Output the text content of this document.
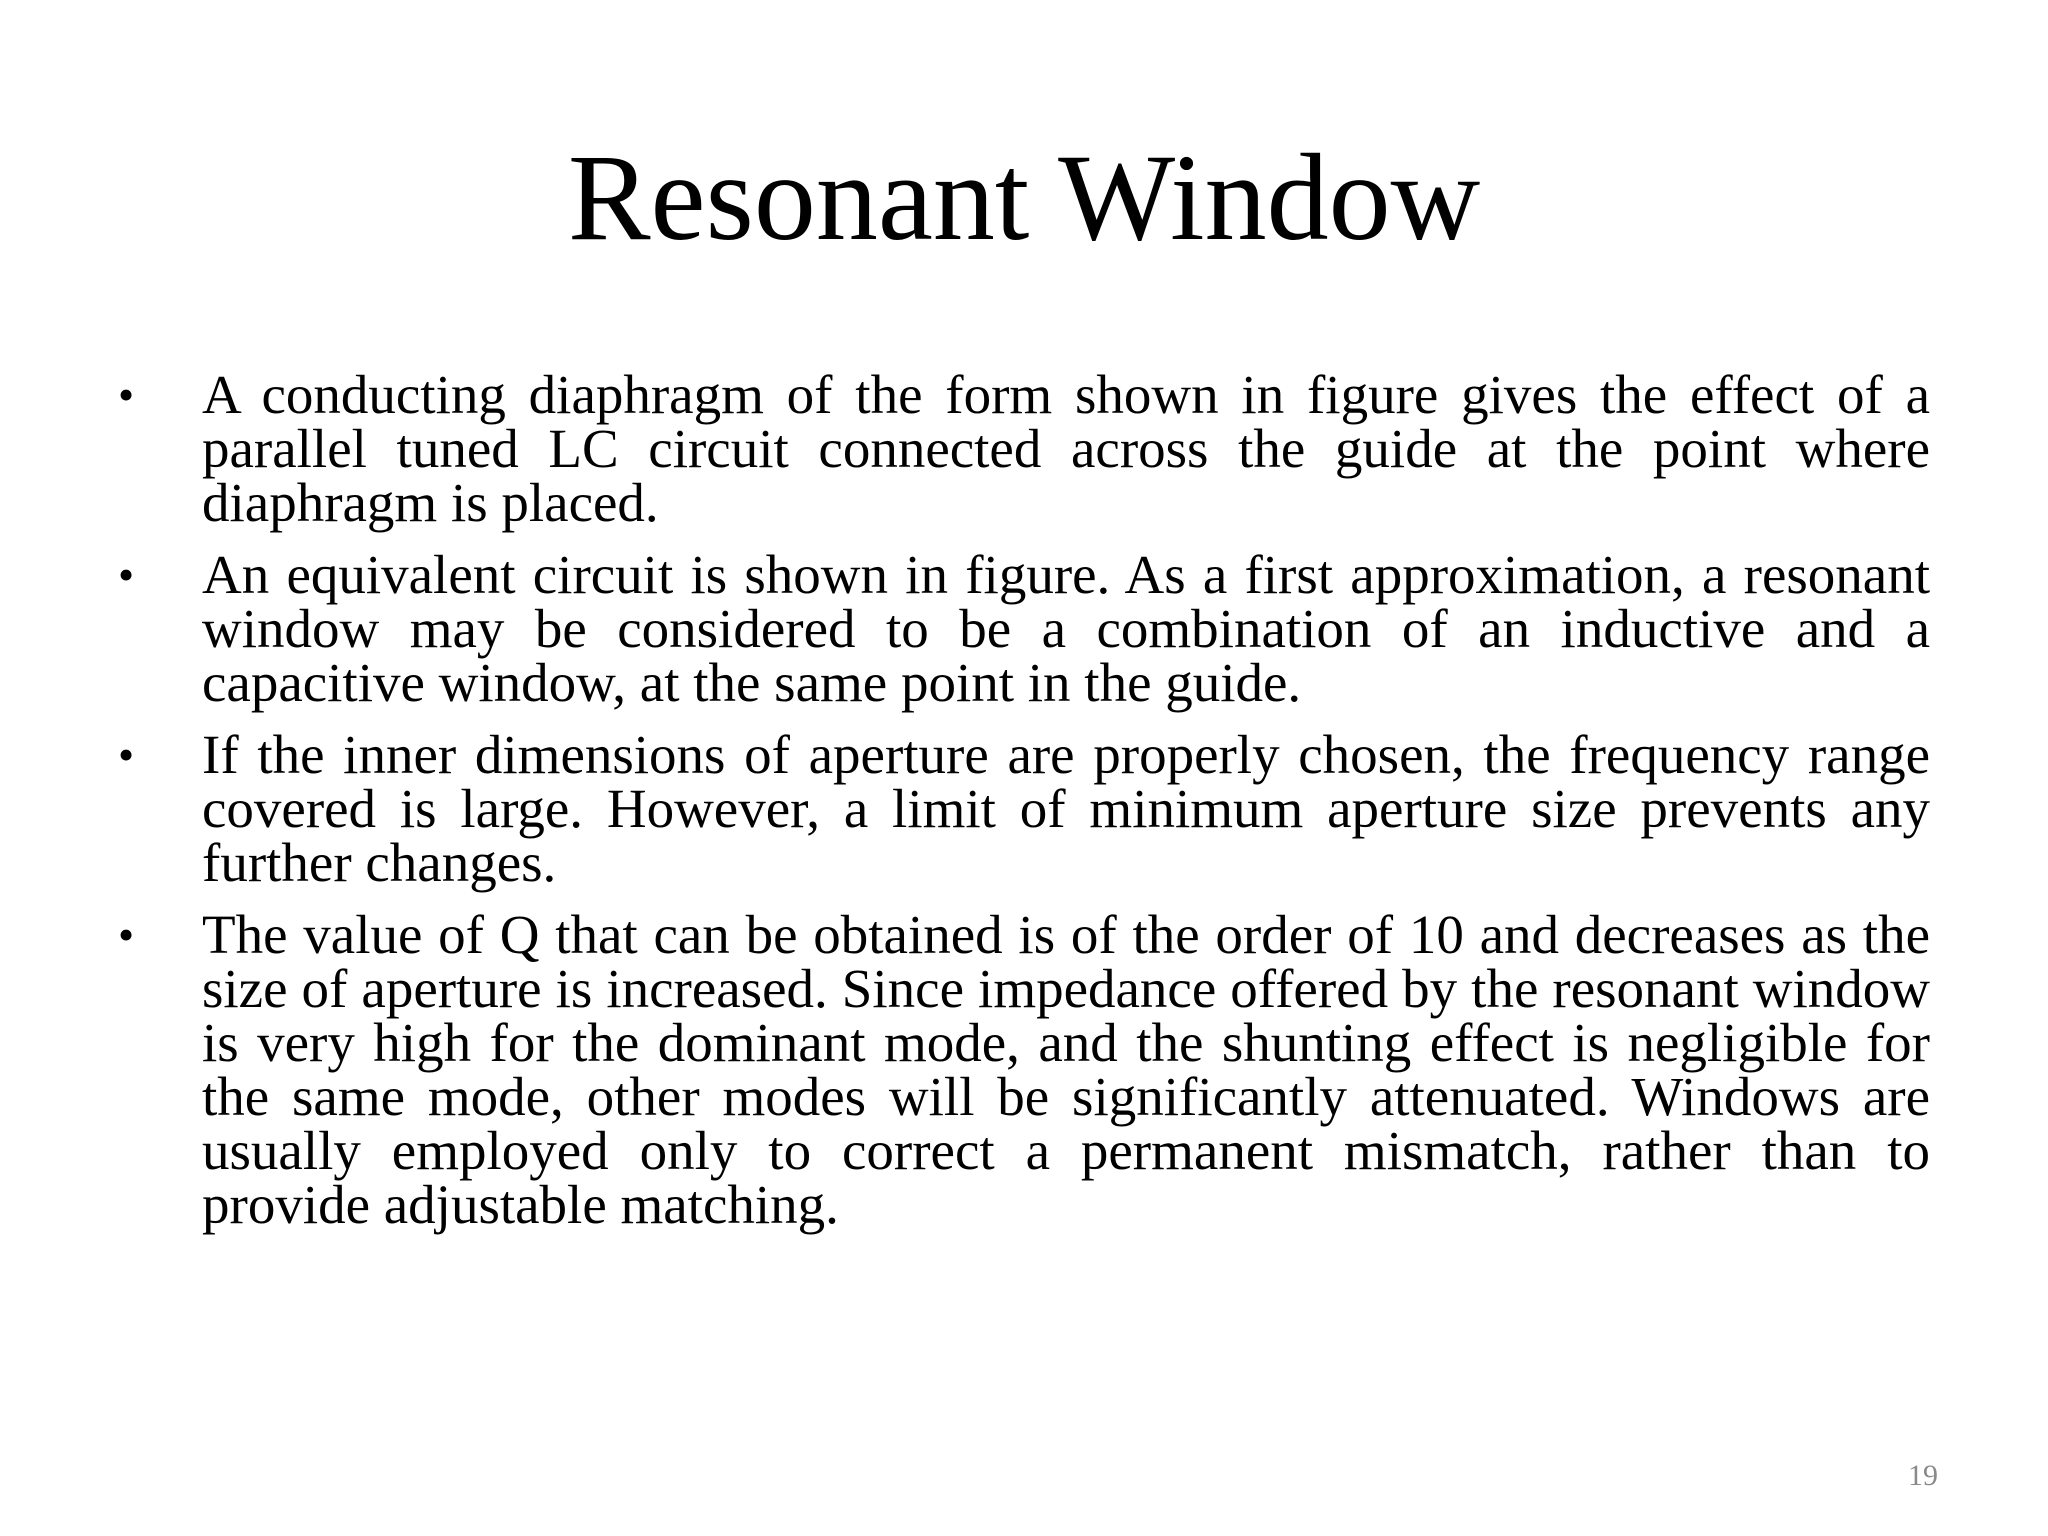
Resonant Window
•	A conducting diaphragm of the form shown in figure gives the effect of a parallel tuned LC circuit connected across the guide at the point where diaphragm is placed.
•	An equivalent circuit is shown in figure. As a first approximation, a resonant window may be considered to be a combination of an inductive and a capacitive window, at the same point in the guide.
•	If the inner dimensions of aperture are properly chosen, the frequency range covered is large. However, a limit of minimum aperture size prevents any further changes.
•	The value of Q that can be obtained is of the order of 10 and decreases as the size of aperture is increased. Since impedance offered by the resonant window is very high for the dominant mode, and the shunting effect is negligible for the same mode, other modes will be significantly attenuated. Windows are usually employed only to correct a permanent mismatch, rather than to provide adjustable matching.
19
